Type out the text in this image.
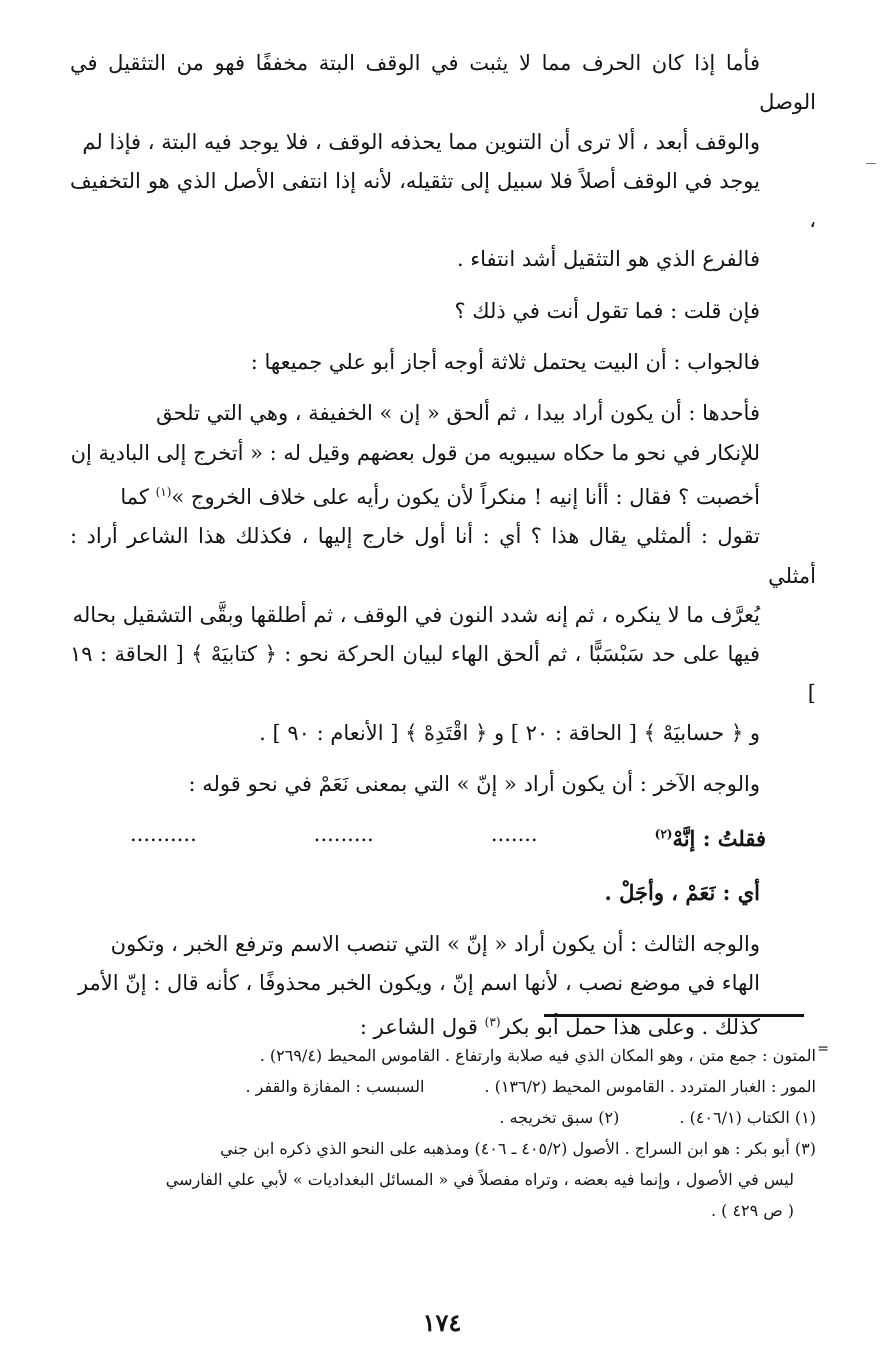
فأما إذا كان الحرف مما لا يثبت في الوقف البتة مخففًا فهو من التثقيل في الوصل
والوقف أبعد ، ألا ترى أن التنوين مما يحذفه الوقف ، فلا يوجد فيه البتة ، فإذا لم
يوجد في الوقف أصلاً فلا سبيل إلى تثقيله، لأنه إذا انتفى الأصل الذي هو التخفيف ،
فالفرع الذي هو التثقيل أشد انتفاء .

فإن قلت : فما تقول أنت في ذلك ؟

فالجواب : أن البيت يحتمل ثلاثة أوجه أجاز أبو علي جميعها :

فأحدها : أن يكون أراد بيدا ، ثم ألحق « إن » الخفيفة ، وهي التي تلحق
للإنكار في نحو ما حكاه سيبويه من قول بعضهم وقيل له : « أتخرج إلى البادية إن
أخصبت ؟ فقال : أأنا إنيه ! منكراً لأن يكون رأيه على خلاف الخروج »$^{(١)}$ كما
تقول : ألمثلي يقال هذا ؟ أي : أنا أول خارج إليها ، فكذلك هذا الشاعر أراد : أمثلي
يُعرَّف ما لا ينكره ، ثم إنه شدد النون في الوقف ، ثم أطلقها وبقَّى التشقيل بحاله
فيها على حد سَبْسَبًّا ، ثم ألحق الهاء لبيان الحركة نحو : ﴿ كتابيَهْ ﴾ [ الحاقة : ١٩ ]
و ﴿ حسابيَهْ ﴾ [ الحاقة : ٢٠ ] و ﴿ اقْتَدِهْ ﴾ [ الأنعام : ٩٠ ] .

والوجه الآخر : أن يكون أراد « إنّ » التي بمعنى نَعَمْ في نحو قوله :

فقلتُ : إنَّهْ$^{(٢)}$
.......
.........
..........

أي : نَعَمْ ، وأجَلْ .

والوجه الثالث : أن يكون أراد « إنّ » التي تنصب الاسم وترفع الخبر ، وتكون
الهاء في موضع نصب ، لأنها اسم إنّ ، ويكون الخبر محذوفًا ، كأنه قال : إنّ الأمر
كذلك . وعلى هذا حمل أبو بكر$^{(٣)}$ قول الشاعر :

=
المتون : جمع متن ، وهو المكان الذي فيه صلابة وارتفاع . القاموس المحيط (٢٦٩/٤) .
المور : الغبار المتردد . القاموس المحيط (١٣٦/٢) .
السبسب : المفازة والقفر .
(١) الكتاب (٤٠٦/١) .
(٢) سبق تخريجه .
(٣) أبو بكر : هو ابن السراج . الأصول (٤٠٥/٢ ـ ٤٠٦) ومذهبه على النحو الذي ذكره ابن جني
ليس في الأصول ، وإنما فيه بعضه ، وتراه مفصلاً في « المسائل البغداديات » لأبي علي الفارسي
( ص ٤٢٩ ) .
١٧٤
